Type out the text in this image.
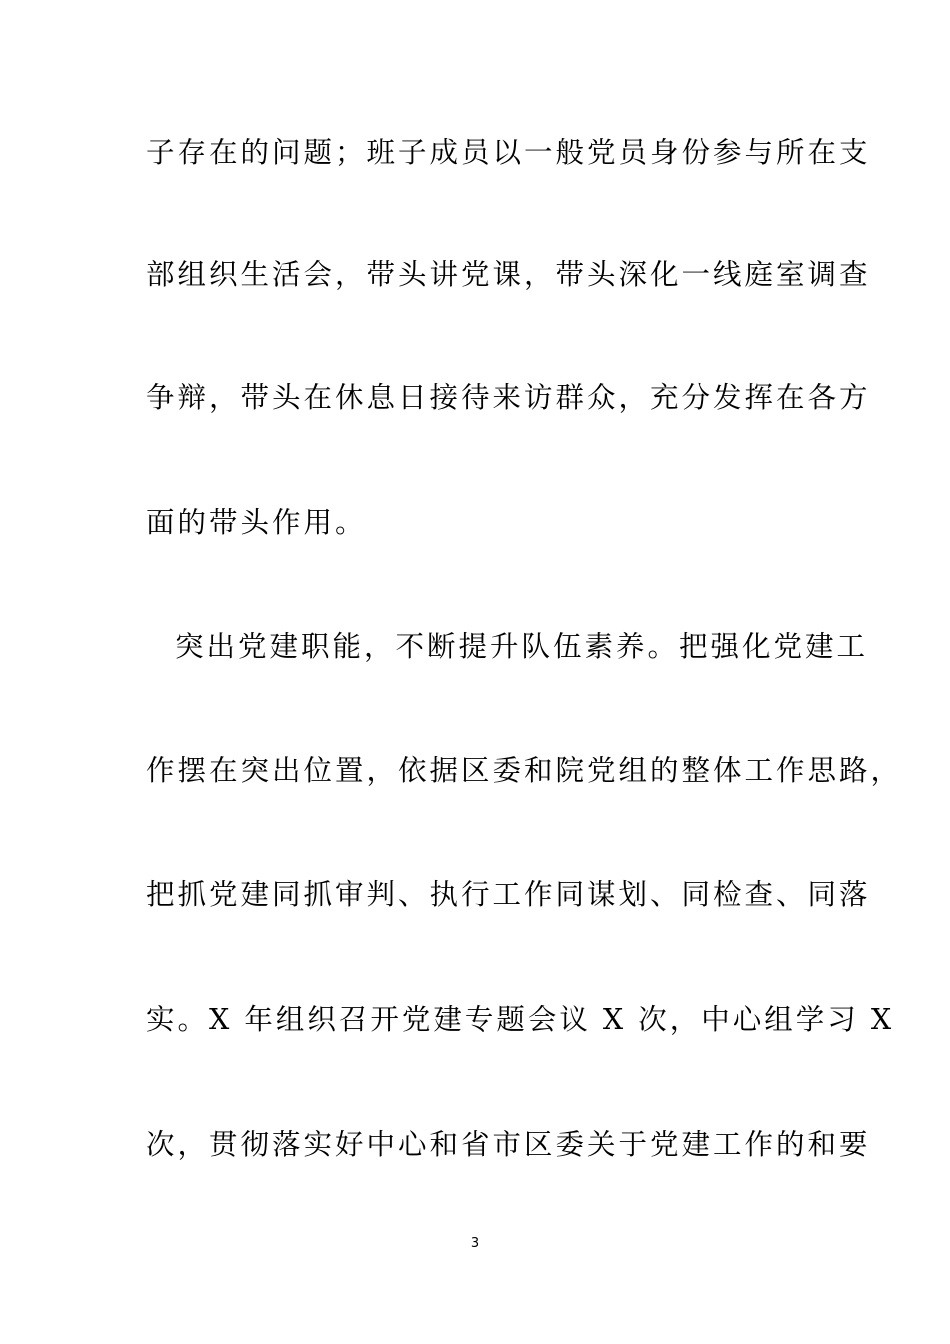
子存在的问题；班子成员以一般党员身份参与所在支
部组织生活会，带头讲党课，带头深化一线庭室调查
争辩，带头在休息日接待来访群众，充分发挥在各方
面的带头作用。
突出党建职能，不断提升队伍素养。把强化党建工
作摆在突出位置，依据区委和院党组的整体工作思路，
把抓党建同抓审判、执行工作同谋划、同检查、同落
实。X 年组织召开党建专题会议 X 次，中心组学习 X
次，贯彻落实好中心和省市区委关于党建工作的和要
3
